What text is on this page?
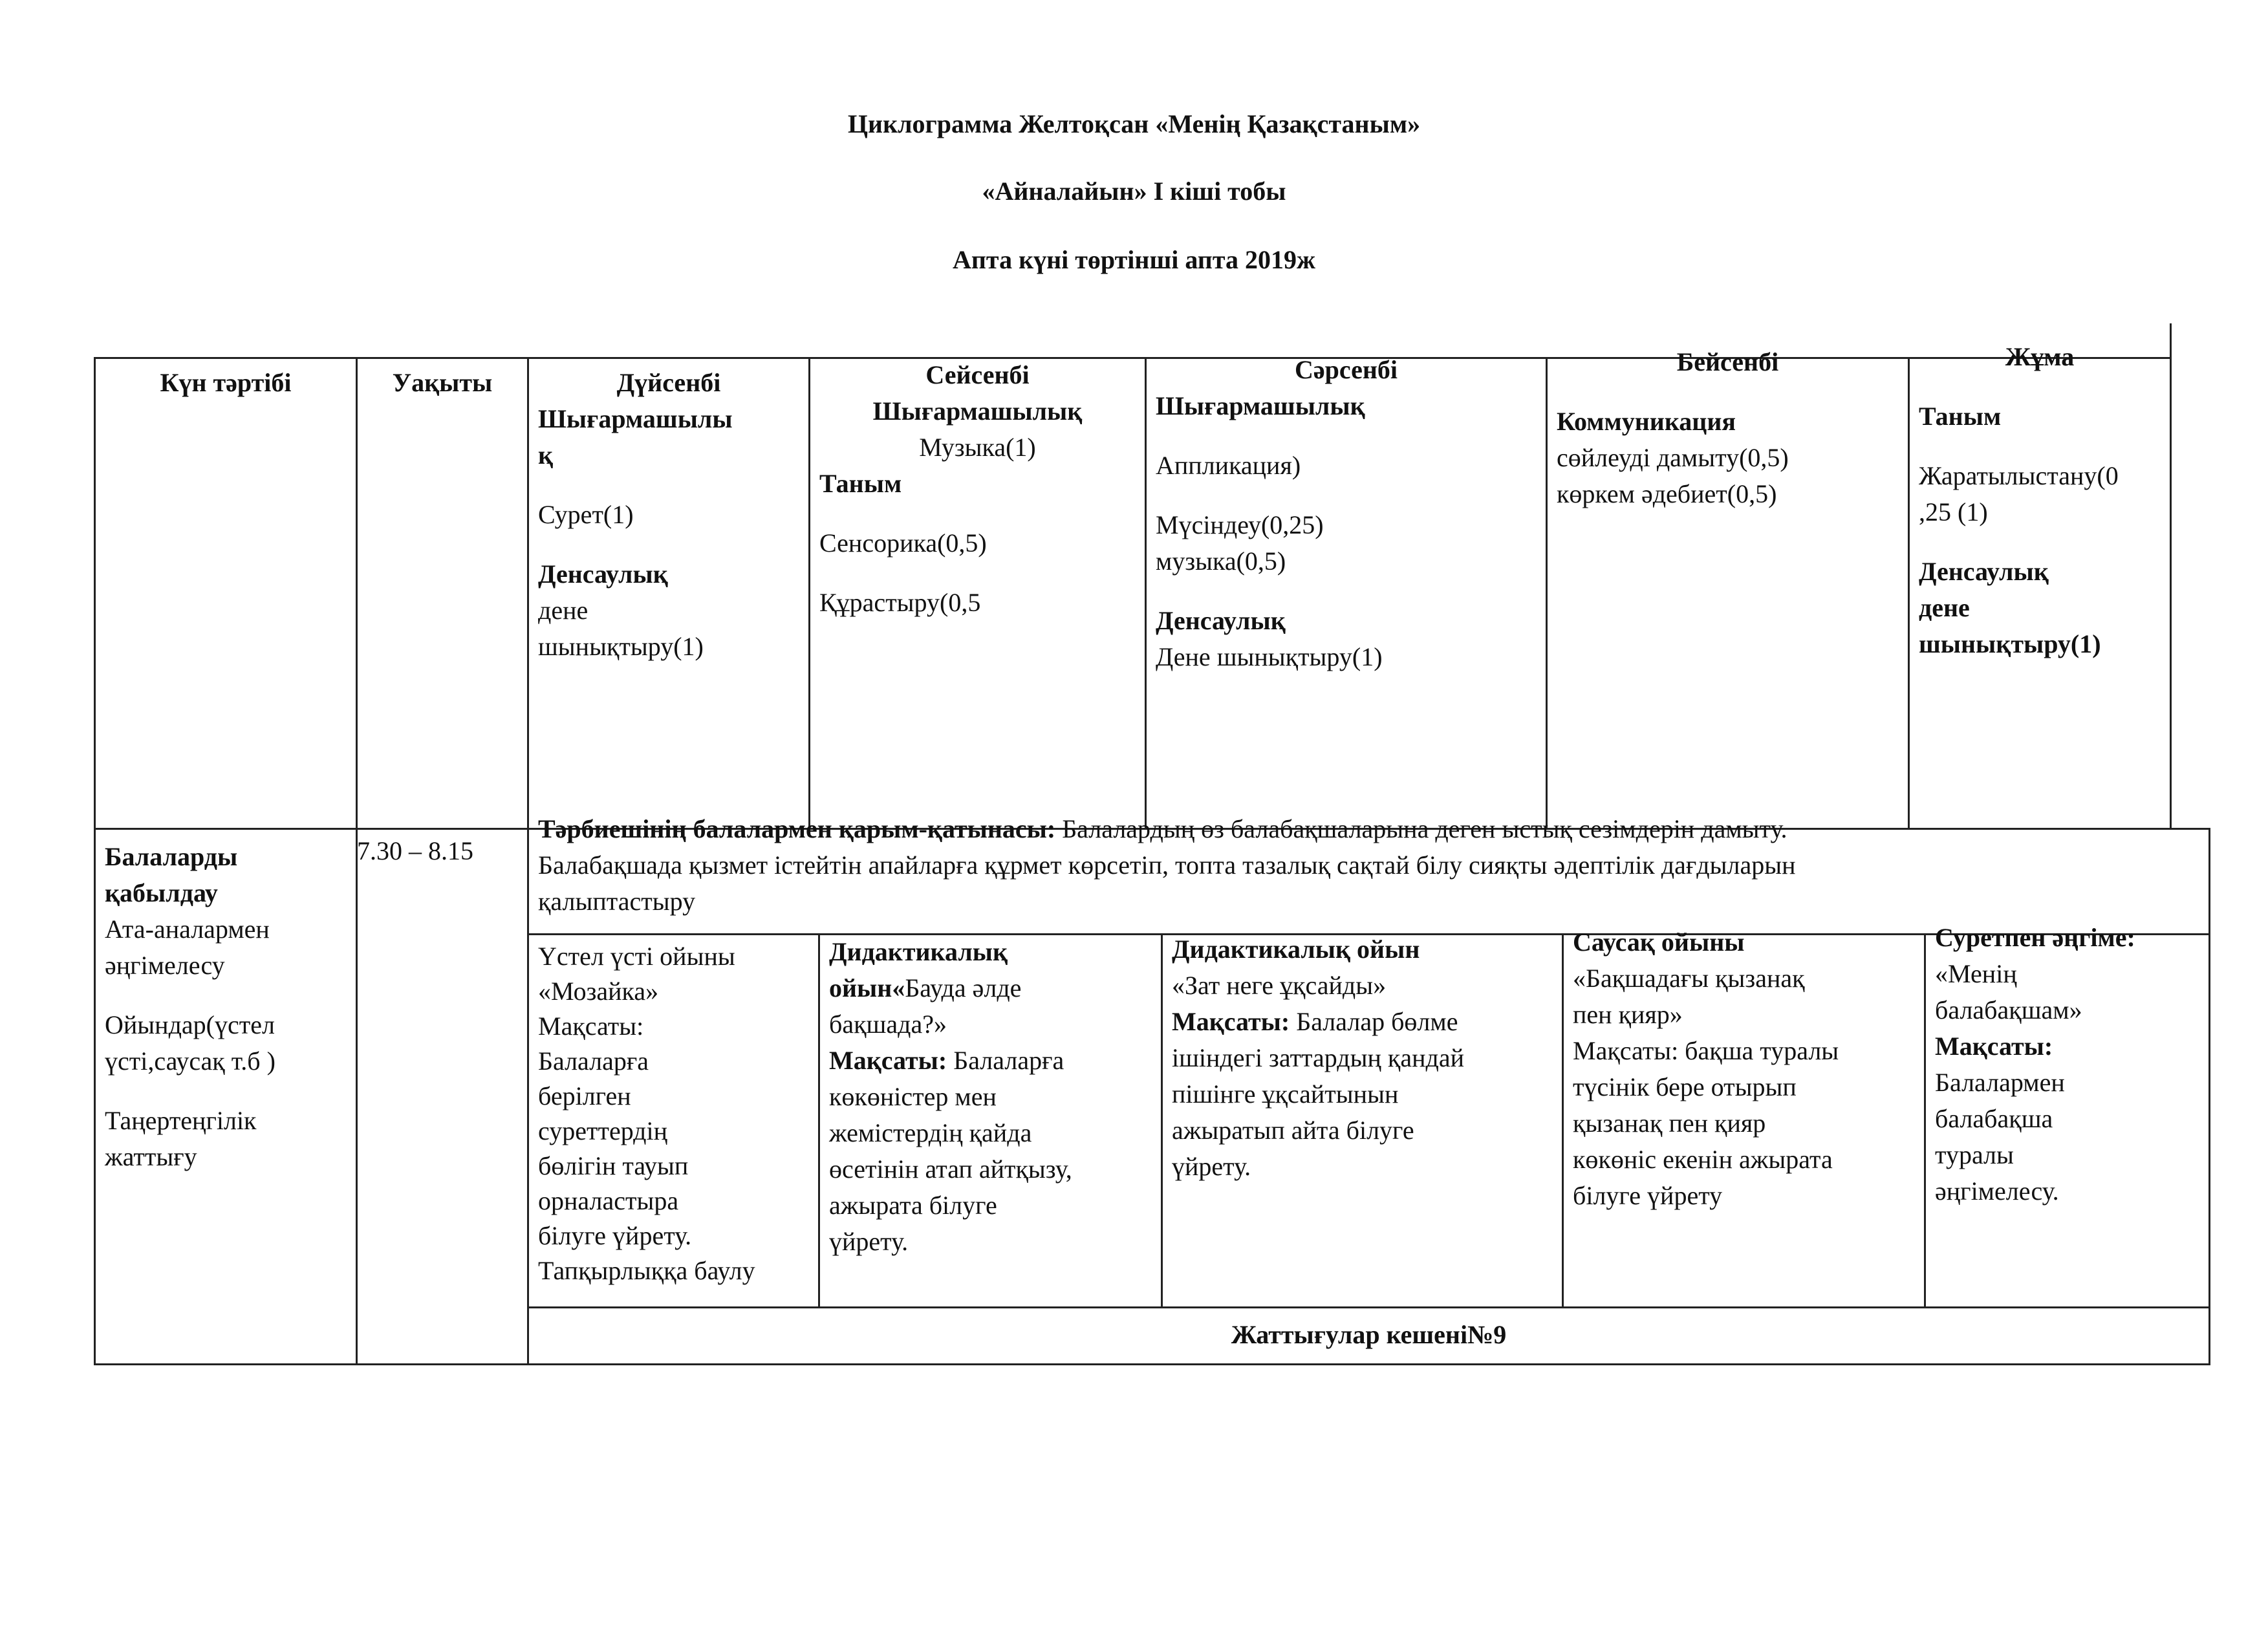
Циклограмма Желтоқсан «Менің Қазақстаным»
«Айналайын» І кіші тобы
Апта күні төртінші апта 2019ж

Күн тәртібі	Уақыты	Дүйсенбі

Шығармашылы

қ

Сурет(1)

Денсаулық

дене

шынықтыру(1)

Сейсенбі

Шығармашылық

Музыка(1)

Таным

Сенсорика(0,5)

Құрастыру(0,5

Сәрсенбі

Шығармашылық

Аппликация)

Мүсіндеу(0,25)

музыка(0,5)

Денсаулық

Дене шынықтыру(1)

Бейсенбі

Коммуникация

сөйлеуді дамыту(0,5)

көркем әдебиет(0,5)

Жұма

Таным

Жаратылыстану(0

,25 (1)

Денсаулық

дене

шынықтыру(1)

Балаларды

қабылдау

Ата-аналармен

әңгімелесу

Ойындар(үстел

үсті,саусақ т.б )

Таңертеңгілік

жаттығу

7.30 – 8.15

Тәрбиешінің балалармен қарым-қатынасы: Балалардың өз балабақшаларына деген ыстық сезімдерін дамыту.

Балабақшада қызмет істейтін апайларға құрмет көрсетіп, топта тазалық сақтай білу сияқты әдептілік дағдыларын

қалыптастыру

Үстел үсті ойыны

«Мозайка»

Мақсаты:

Балаларға

берілген

суреттердің

бөлігін тауып

орналастыра

білуге үйрету.

Тапқырлыққа баулу

Дидактикалық

ойын«Бауда әлде

бақшада?»

Мақсаты: Балаларға

көкөністер мен

жемістердің қайда

өсетінін атап айтқызу,

ажырата білуге

үйрету.

Дидактикалық ойын

«Зат неге ұқсайды»

Мақсаты: Балалар бөлме

ішіндегі заттардың қандай

пішінге ұқсайтынын

ажыратып айта білуге

үйрету.

Саусақ ойыны

«Бақшадағы қызанақ

пен қияр»

Мақсаты: бақша туралы

түсінік бере отырып

қызанақ пен қияр

көкөніс екенін ажырата

білуге үйрету

Суретпен әңгіме:

«Менің

балабақшам»

Мақсаты:

Балалармен

балабақша

туралы

әңгімелесу.

Жаттығулар кешені№9
